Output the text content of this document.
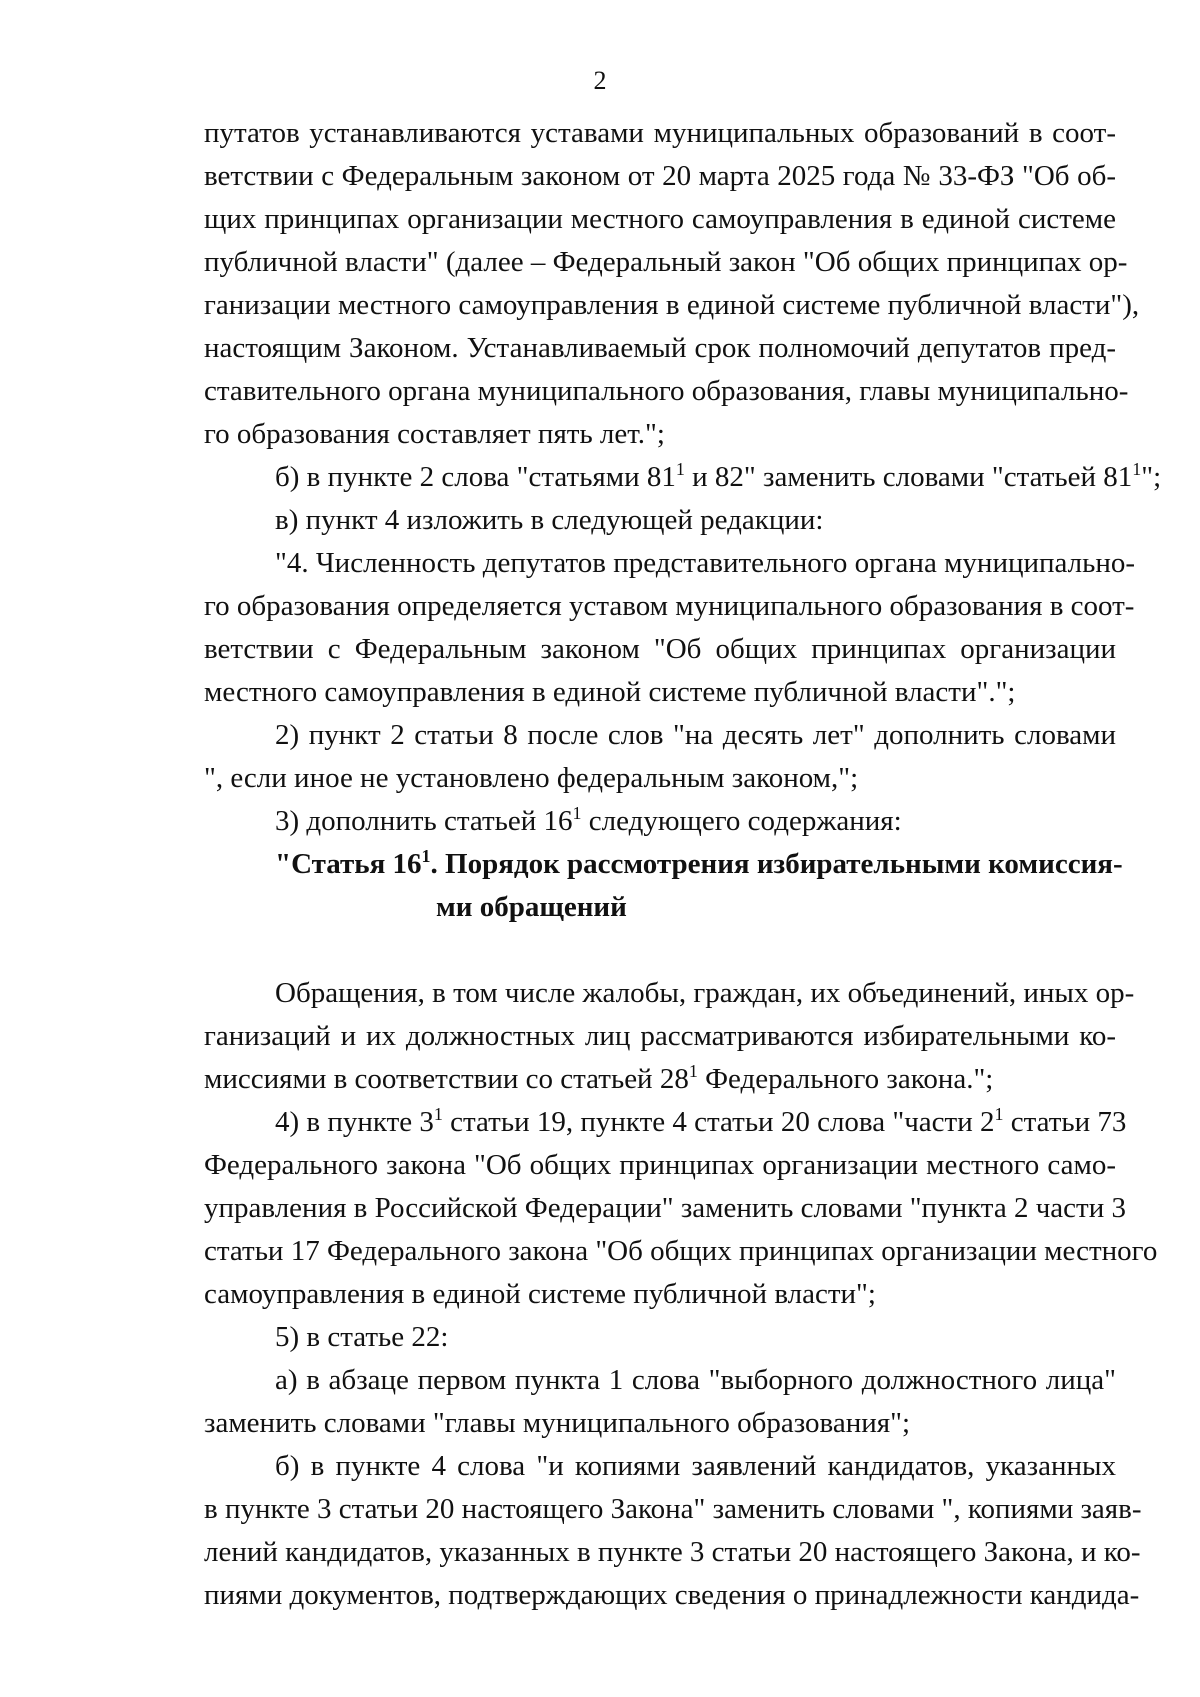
2
путатов устанавливаются уставами муниципальных образований в соот-
ветствии с Федеральным законом от 20 марта 2025 года № 33-ФЗ "Об об-
щих принципах организации местного самоуправления в единой системе
публичной власти" (далее – Федеральный закон "Об общих принципах ор-
ганизации местного самоуправления в единой системе публичной власти"),
настоящим Законом. Устанавливаемый срок полномочий депутатов пред-
ставительного органа муниципального образования, главы муниципально-
го образования составляет пять лет.";
б) в пункте 2 слова "статьями $81^1$ и 82" заменить словами "статьей $81^1$";
в) пункт 4 изложить в следующей редакции:
"4. Численность депутатов представительного органа муниципально-
го образования определяется уставом муниципального образования в соот-
ветствии с Федеральным законом "Об общих принципах организации
местного самоуправления в единой системе публичной власти".";
2) пункт 2 статьи 8 после слов "на десять лет" дополнить словами
", если иное не установлено федеральным законом,";
3) дополнить статьей $16^1$ следующего содержания:
"Статья $16^1$. Порядок рассмотрения избирательными комиссия-
ми обращений
Обращения, в том числе жалобы, граждан, их объединений, иных ор-
ганизаций и их должностных лиц рассматриваются избирательными ко-
миссиями в соответствии со статьей $28^1$ Федерального закона.";
4) в пункте $3^1$ статьи 19, пункте 4 статьи 20 слова "части $2^1$ статьи 73
Федерального закона "Об общих принципах организации местного само-
управления в Российской Федерации" заменить словами "пункта 2 части 3
статьи 17 Федерального закона "Об общих принципах организации местного
самоуправления в единой системе публичной власти";
5) в статье 22:
а) в абзаце первом пункта 1 слова "выборного должностного лица"
заменить словами "главы муниципального образования";
б) в пункте 4 слова "и копиями заявлений кандидатов, указанных
в пункте 3 статьи 20 настоящего Закона" заменить словами ", копиями заяв-
лений кандидатов, указанных в пункте 3 статьи 20 настоящего Закона, и ко-
пиями документов, подтверждающих сведения о принадлежности кандида-
